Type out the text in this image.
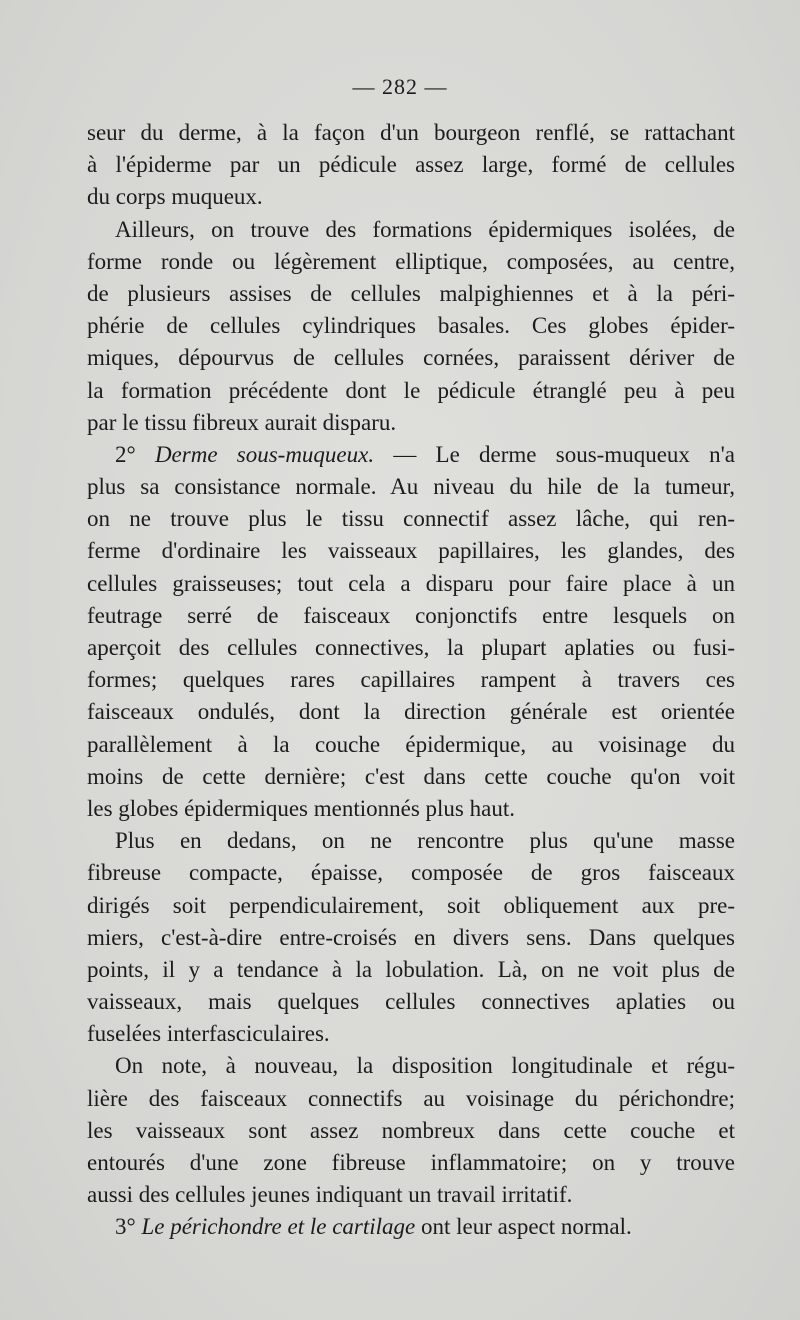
— 282 —
seur du derme, à la façon d'un bourgeon renflé, se rattachant
à l'épiderme par un pédicule assez large, formé de cellules
du corps muqueux.
Ailleurs, on trouve des formations épidermiques isolées, de
forme ronde ou légèrement elliptique, composées, au centre,
de plusieurs assises de cellules malpighiennes et à la péri-
phérie de cellules cylindriques basales. Ces globes épider-
miques, dépourvus de cellules cornées, paraissent dériver de
la formation précédente dont le pédicule étranglé peu à peu
par le tissu fibreux aurait disparu.
2° Derme sous-muqueux. — Le derme sous-muqueux n'a
plus sa consistance normale. Au niveau du hile de la tumeur,
on ne trouve plus le tissu connectif assez lâche, qui ren-
ferme d'ordinaire les vaisseaux papillaires, les glandes, des
cellules graisseuses; tout cela a disparu pour faire place à un
feutrage serré de faisceaux conjonctifs entre lesquels on
aperçoit des cellules connectives, la plupart aplaties ou fusi-
formes; quelques rares capillaires rampent à travers ces
faisceaux ondulés, dont la direction générale est orientée
parallèlement à la couche épidermique, au voisinage du
moins de cette dernière; c'est dans cette couche qu'on voit
les globes épidermiques mentionnés plus haut.
Plus en dedans, on ne rencontre plus qu'une masse
fibreuse compacte, épaisse, composée de gros faisceaux
dirigés soit perpendiculairement, soit obliquement aux pre-
miers, c'est-à-dire entre-croisés en divers sens. Dans quelques
points, il y a tendance à la lobulation. Là, on ne voit plus de
vaisseaux, mais quelques cellules connectives aplaties ou
fuselées interfasciculaires.
On note, à nouveau, la disposition longitudinale et régu-
lière des faisceaux connectifs au voisinage du périchondre;
les vaisseaux sont assez nombreux dans cette couche et
entourés d'une zone fibreuse inflammatoire; on y trouve
aussi des cellules jeunes indiquant un travail irritatif.
3° Le périchondre et le cartilage ont leur aspect normal.
